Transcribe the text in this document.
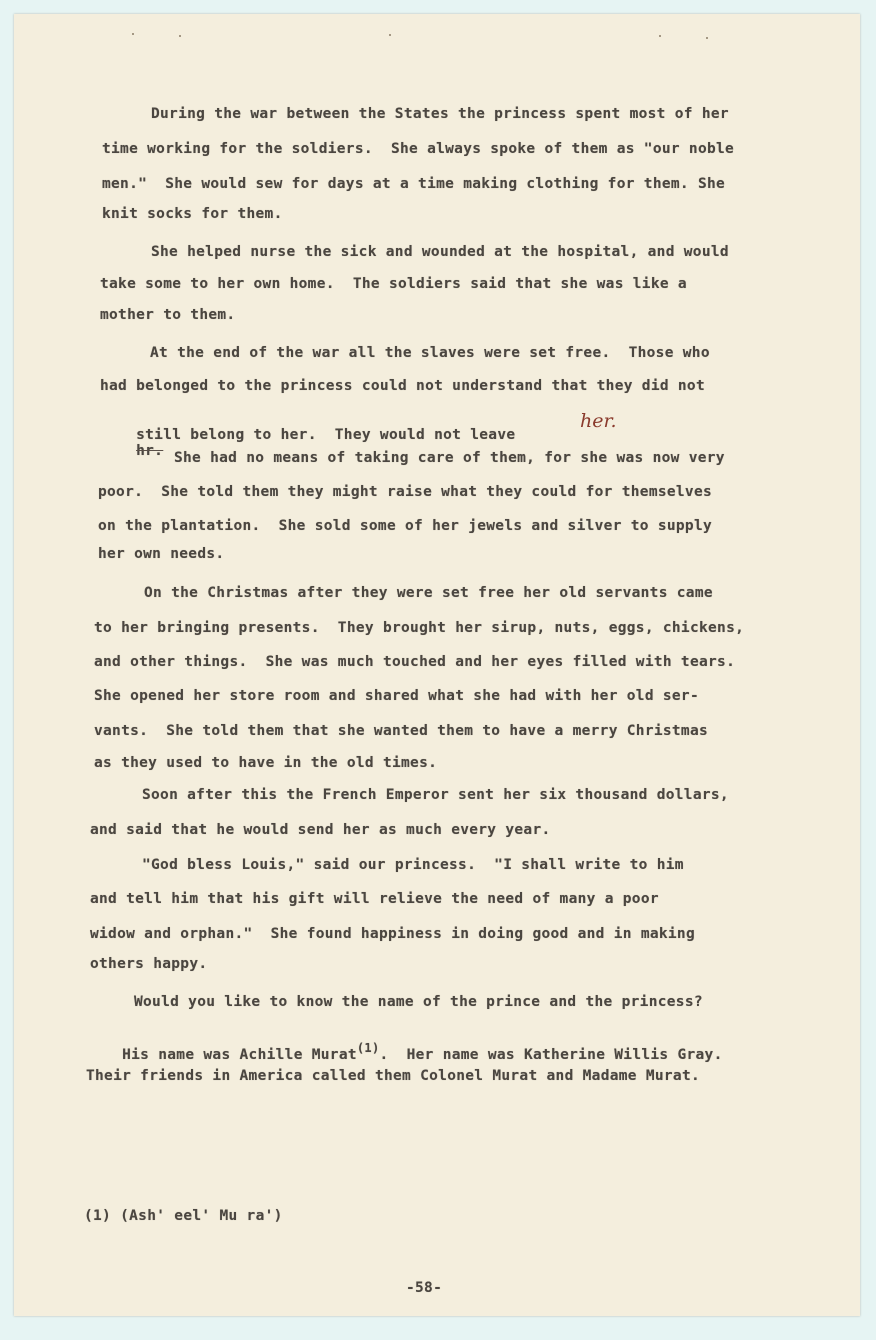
During the war between the States the princess spent most of her
time working for the soldiers.  She always spoke of them as "our noble
men."  She would sew for days at a time making clothing for them. She
knit socks for them.
She helped nurse the sick and wounded at the hospital, and would
take some to her own home.  The soldiers said that she was like a
mother to them.
At the end of the war all the slaves were set free.  Those who
had belonged to the princess could not understand that they did not

still belong to her.  They would not leave
hr.

her.
She had no means of taking care of them, for she was now very
poor.  She told them they might raise what they could for themselves
on the plantation.  She sold some of her jewels and silver to supply
her own needs.
On the Christmas after they were set free her old servants came
to her bringing presents.  They brought her sirup, nuts, eggs, chickens,
and other things.  She was much touched and her eyes filled with tears.
She opened her store room and shared what she had with her old ser-
vants.  She told them that she wanted them to have a merry Christmas
as they used to have in the old times.
Soon after this the French Emperor sent her six thousand dollars,
and said that he would send her as much every year.
"God bless Louis," said our princess.  "I shall write to him
and tell him that his gift will relieve the need of many a poor
widow and orphan."  She found happiness in doing good and in making
others happy.
Would you like to know the name of the prince and the princess?

His name was Achille Murat$^{(1)}$.  Her name was Katherine Willis Gray.

Their friends in America called them Colonel Murat and Madame Murat.
(1) (Ash' eel' Mu ra')
-58-
